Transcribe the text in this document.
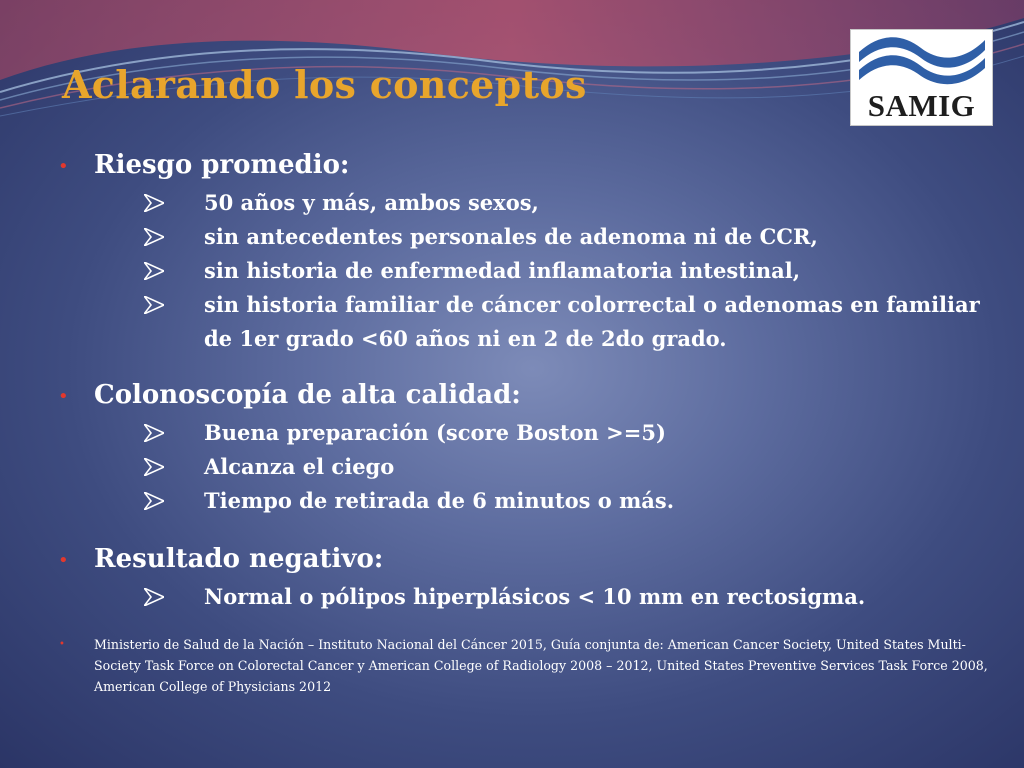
Aclarando los conceptos	SAMIG
• Riesgo promedio:
50 años y más, ambos sexos,
sin antecedentes personales de adenoma ni de CCR,
sin historia de enfermedad inflamatoria intestinal,
sin historia familiar de cáncer colorrectal o adenomas en familiar de 1er grado <60 años ni en 2 de 2do grado.
• Colonoscopía de alta calidad:
Buena preparación (score Boston >=5)
Alcanza el ciego
Tiempo de retirada de 6 minutos o más.
• Resultado negativo:
Normal o pólipos hiperplásicos < 10 mm en rectosigma.
• Ministerio de Salud de la Nación – Instituto Nacional del Cáncer 2015, Guía conjunta de: American Cancer Society, United States Multi-Society Task Force on Colorectal Cancer y American College of Radiology 2008 – 2012, United States Preventive Services Task Force 2008, American College of Physicians 2012
